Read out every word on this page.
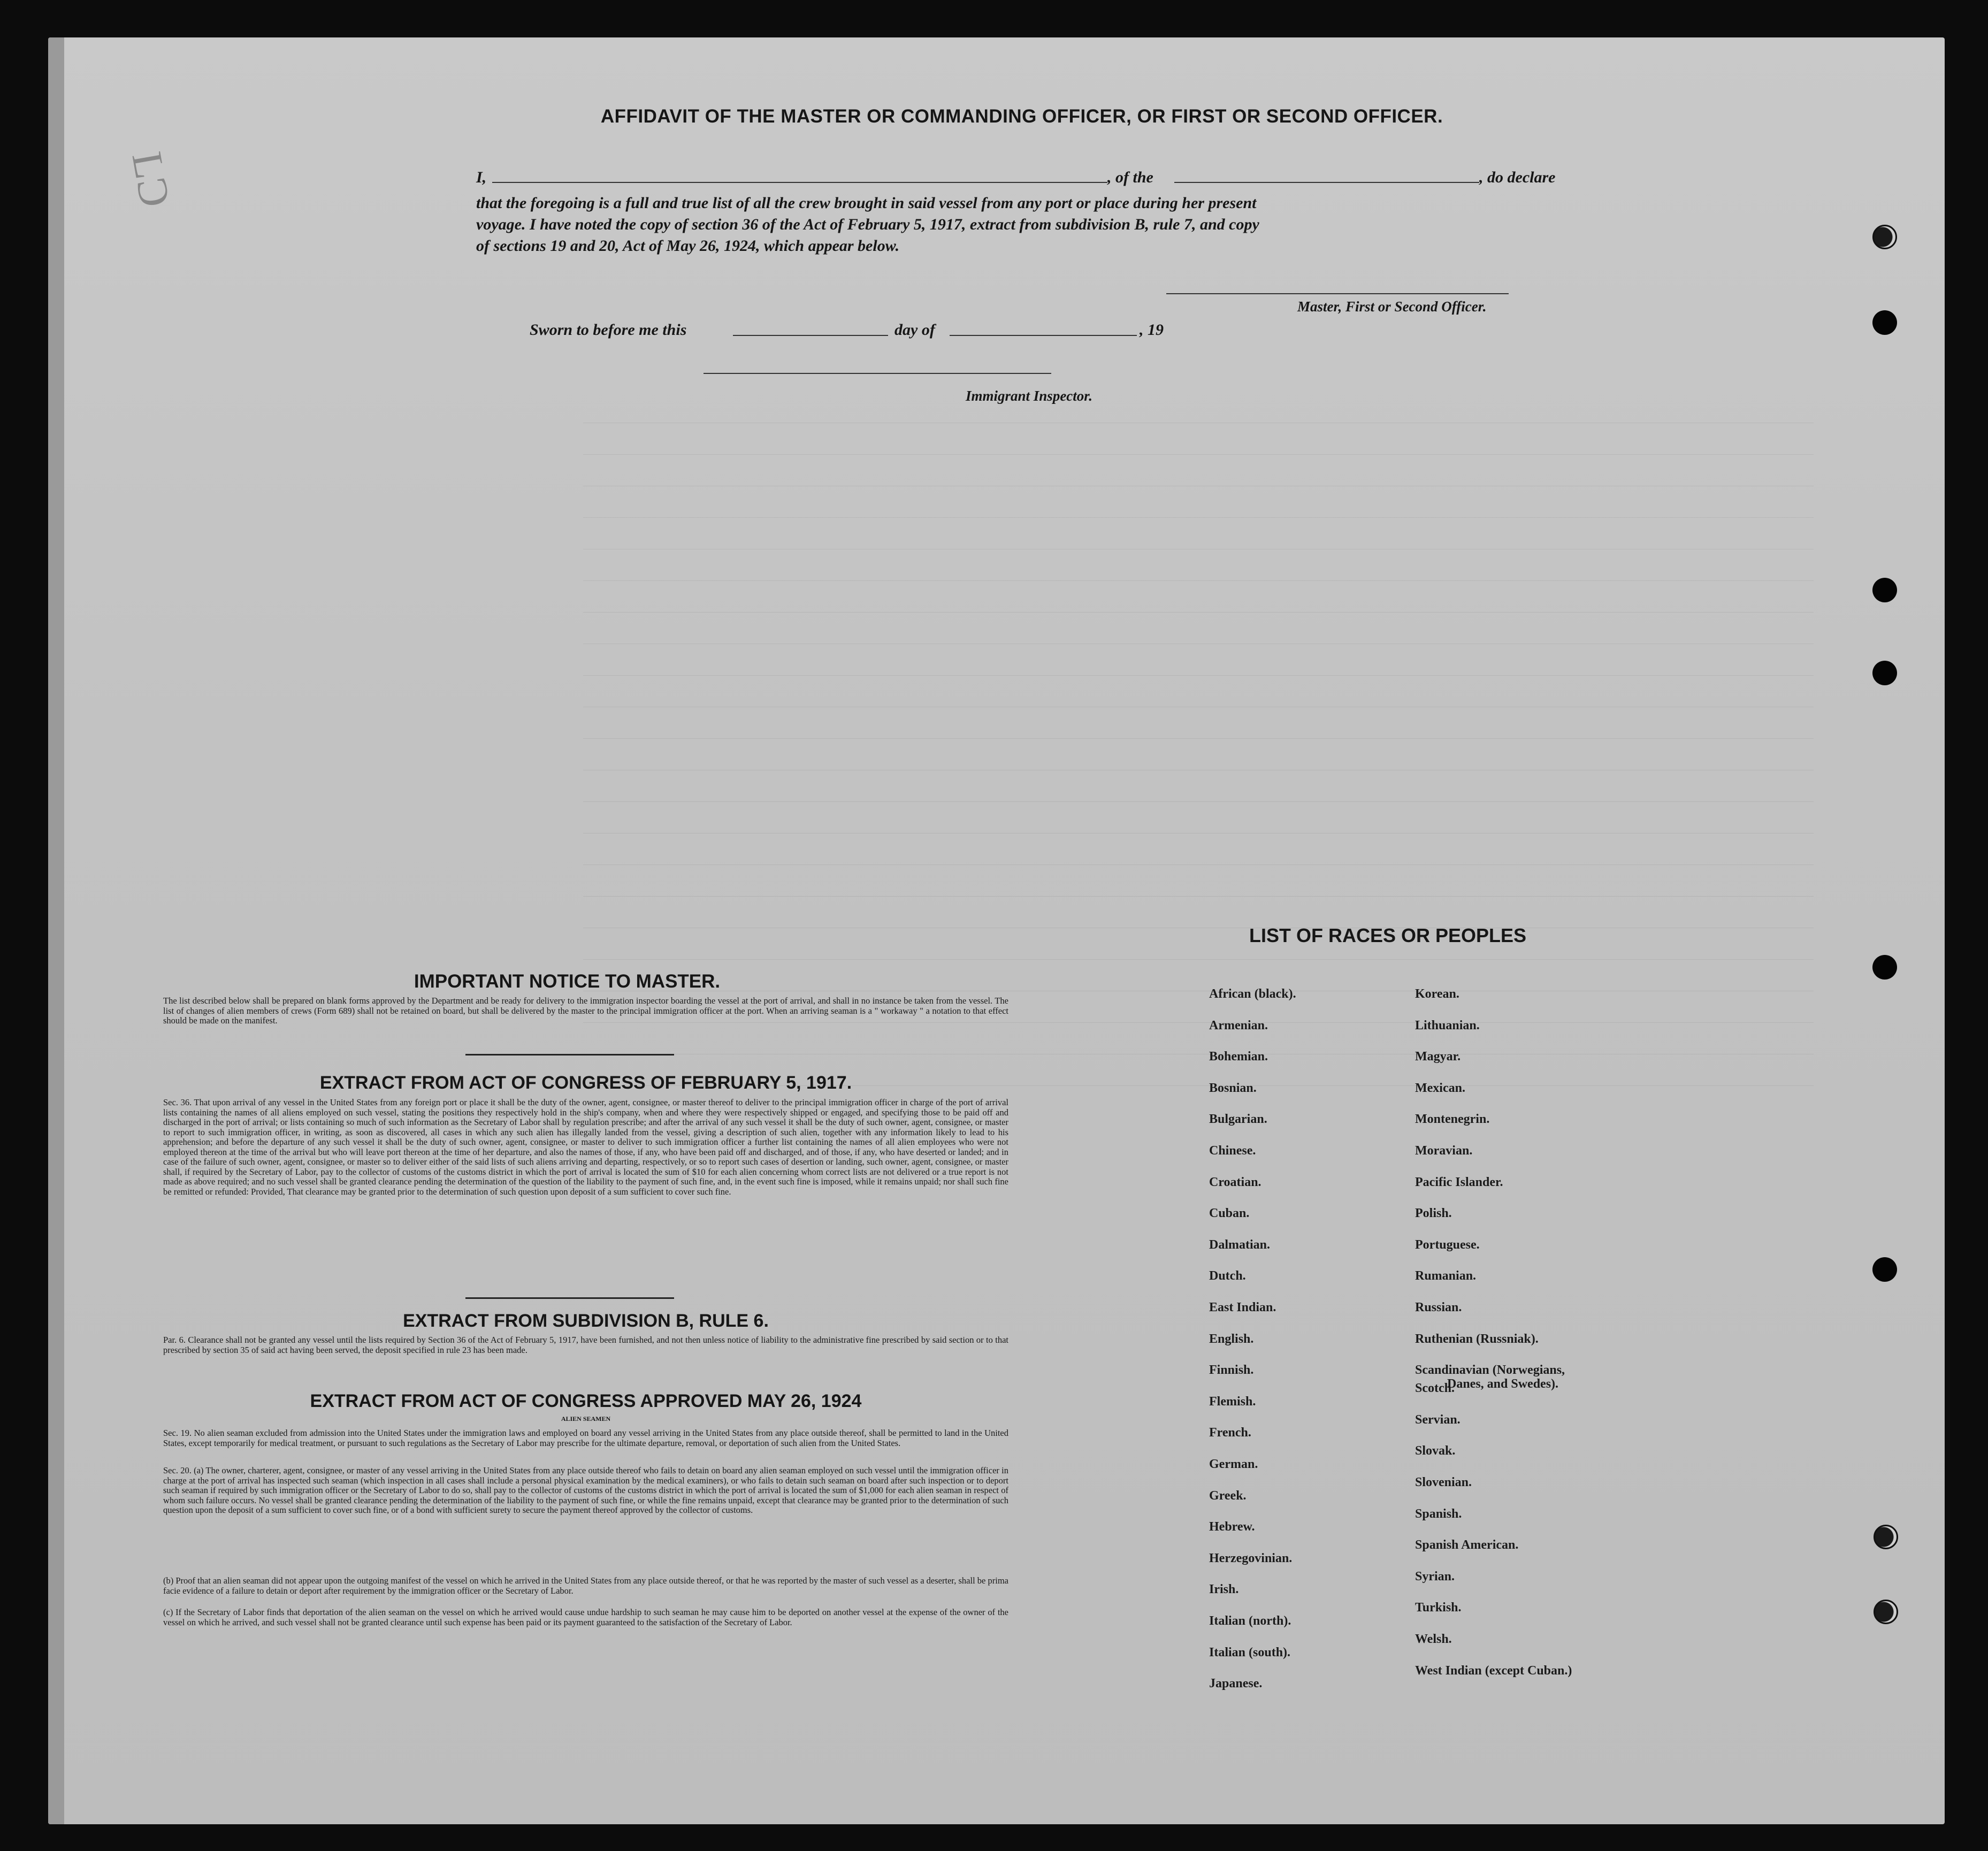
LƆ
AFFIDAVIT OF THE MASTER OR COMMANDING OFFICER, OR FIRST OR SECOND OFFICER.
I,	, of the	, do declare
that the foregoing is a full and true list of all the crew brought in said vessel from any port or place during her present
voyage. I have noted the copy of section 36 of the Act of February 5, 1917, extract from subdivision B, rule 7, and copy
of sections 19 and 20, Act of May 26, 1924, which appear below.
Master, First or Second Officer.
Sworn to before me this	day of	, 19
Immigrant Inspector.
IMPORTANT NOTICE TO MASTER.
The list described below shall be prepared on blank forms approved by the Department and be ready for delivery to the immigration inspector boarding the vessel at the port of arrival, and shall in no instance be taken from the vessel. The list of changes of alien members of crews (Form 689) shall not be retained on board, but shall be delivered by the master to the principal immigration officer at the port. When an arriving seaman is a " workaway " a notation to that effect should be made on the manifest.
EXTRACT FROM ACT OF CONGRESS OF FEBRUARY 5, 1917.
Sec. 36. That upon arrival of any vessel in the United States from any foreign port or place it shall be the duty of the owner, agent, consignee, or master thereof to deliver to the principal immigration officer in charge of the port of arrival lists containing the names of all aliens employed on such vessel, stating the positions they respectively hold in the ship's company, when and where they were respectively shipped or engaged, and specifying those to be paid off and discharged in the port of arrival; or lists containing so much of such information as the Secretary of Labor shall by regulation prescribe; and after the arrival of any such vessel it shall be the duty of such owner, agent, consignee, or master to report to such immigration officer, in writing, as soon as discovered, all cases in which any such alien has illegally landed from the vessel, giving a description of such alien, together with any information likely to lead to his apprehension; and before the departure of any such vessel it shall be the duty of such owner, agent, consignee, or master to deliver to such immigration officer a further list containing the names of all alien employees who were not employed thereon at the time of the arrival but who will leave port thereon at the time of her departure, and also the names of those, if any, who have been paid off and discharged, and of those, if any, who have deserted or landed; and in case of the failure of such owner, agent, consignee, or master so to deliver either of the said lists of such aliens arriving and departing, respectively, or so to report such cases of desertion or landing, such owner, agent, consignee, or master shall, if required by the Secretary of Labor, pay to the collector of customs of the customs district in which the port of arrival is located the sum of $10 for each alien concerning whom correct lists are not delivered or a true report is not made as above required; and no such vessel shall be granted clearance pending the determination of the question of the liability to the payment of such fine, and, in the event such fine is imposed, while it remains unpaid; nor shall such fine be remitted or refunded: Provided, That clearance may be granted prior to the determination of such question upon deposit of a sum sufficient to cover such fine.
EXTRACT FROM SUBDIVISION B, RULE 6.
Par. 6. Clearance shall not be granted any vessel until the lists required by Section 36 of the Act of February 5, 1917, have been furnished, and not then unless notice of liability to the administrative fine prescribed by said section or to that prescribed by section 35 of said act having been served, the deposit specified in rule 23 has been made.
EXTRACT FROM ACT OF CONGRESS APPROVED MAY 26, 1924
ALIEN SEAMEN
Sec. 19. No alien seaman excluded from admission into the United States under the immigration laws and employed on board any vessel arriving in the United States from any place outside thereof, shall be permitted to land in the United States, except temporarily for medical treatment, or pursuant to such regulations as the Secretary of Labor may prescribe for the ultimate departure, removal, or deportation of such alien from the United States.
Sec. 20. (a) The owner, charterer, agent, consignee, or master of any vessel arriving in the United States from any place outside thereof who fails to detain on board any alien seaman employed on such vessel until the immigration officer in charge at the port of arrival has inspected such seaman (which inspection in all cases shall include a personal physical examination by the medical examiners), or who fails to detain such seaman on board after such inspection or to deport such seaman if required by such immigration officer or the Secretary of Labor to do so, shall pay to the collector of customs of the customs district in which the port of arrival is located the sum of $1,000 for each alien seaman in respect of whom such failure occurs. No vessel shall be granted clearance pending the determination of the liability to the payment of such fine, or while the fine remains unpaid, except that clearance may be granted prior to the determination of such question upon the deposit of a sum sufficient to cover such fine, or of a bond with sufficient surety to secure the payment thereof approved by the collector of customs.
(b) Proof that an alien seaman did not appear upon the outgoing manifest of the vessel on which he arrived in the United States from any place outside thereof, or that he was reported by the master of such vessel as a deserter, shall be prima facie evidence of a failure to detain or deport after requirement by the immigration officer or the Secretary of Labor.
(c) If the Secretary of Labor finds that deportation of the alien seaman on the vessel on which he arrived would cause undue hardship to such seaman he may cause him to be deported on another vessel at the expense of the owner of the vessel on which he arrived, and such vessel shall not be granted clearance until such expense has been paid or its payment guaranteed to the satisfaction of the Secretary of Labor.
LIST OF RACES OR PEOPLES
African (black).
Armenian.
Bohemian.
Bosnian.
Bulgarian.
Chinese.
Croatian.
Cuban.
Dalmatian.
Dutch.
East Indian.
English.
Finnish.
Flemish.
French.
German.
Greek.
Hebrew.
Herzegovinian.
Irish.
Italian (north).
Italian (south).
Japanese.
Korean.
Lithuanian.
Magyar.
Mexican.
Montenegrin.
Moravian.
Pacific Islander.
Polish.
Portuguese.
Rumanian.
Russian.
Ruthenian (Russniak).
Scandinavian (Norwegians,
Danes, and Swedes).
Scotch.
Servian.
Slovak.
Slovenian.
Spanish.
Spanish American.
Syrian.
Turkish.
Welsh.
West Indian (except Cuban.)
